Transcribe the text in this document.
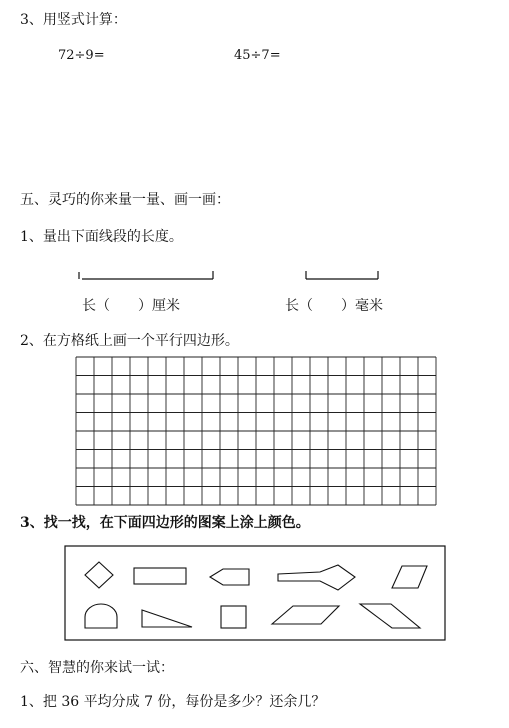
3、用竖式计算：
72÷9=	45÷7=
五、灵巧的你来量一量、画一画：
1、量出下面线段的长度。
长（　　）厘米	长（　　）毫米
2、在方格纸上画一个平行四边形。
3、找一找，在下面四边形的图案上涂上颜色。
六、智慧的你来试一试：
1、把 36 平均分成 7 份，每份是多少？还余几？
